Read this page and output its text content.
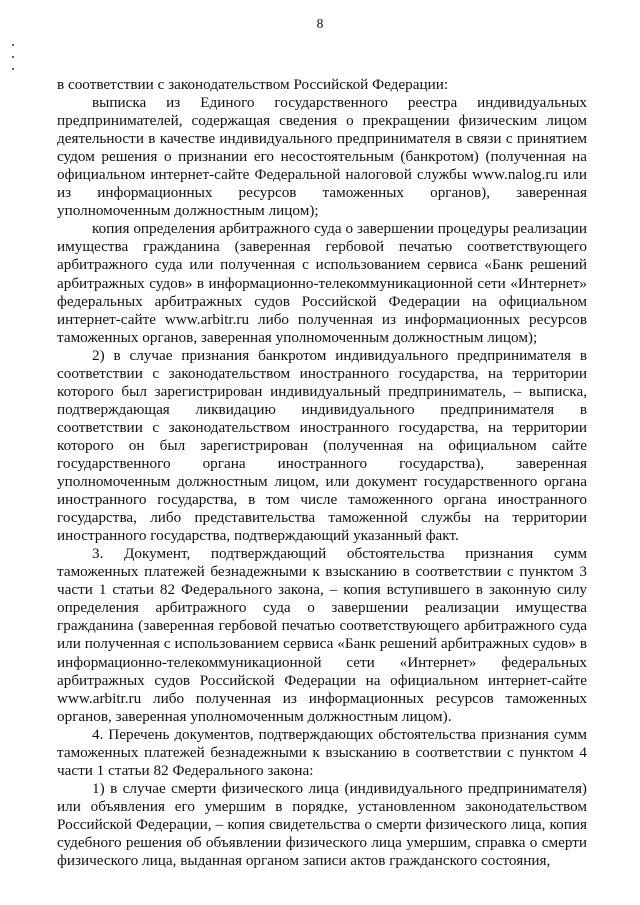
8

в соответствии с законодательством Российской Федерации:

выписка из Единого государственного реестра индивидуальных предпринимателей, содержащая сведения о прекращении физическим лицом деятельности в качестве индивидуального предпринимателя в связи с принятием судом решения о признании его несостоятельным (банкротом) (полученная на официальном интернет-сайте Федеральной налоговой службы www.nalog.ru или из информационных ресурсов таможенных органов), заверенная уполномоченным должностным лицом);

копия определения арбитражного суда о завершении процедуры реализации имущества гражданина (заверенная гербовой печатью соответствующего арбитражного суда или полученная с использованием сервиса «Банк решений арбитражных судов» в информационно-телекоммуникационной сети «Интернет» федеральных арбитражных судов Российской Федерации на официальном интернет-сайте www.arbitr.ru либо полученная из информационных ресурсов таможенных органов, заверенная уполномоченным должностным лицом);

2) в случае признания банкротом индивидуального предпринимателя в соответствии с законодательством иностранного государства, на территории которого был зарегистрирован индивидуальный предприниматель, – выписка, подтверждающая ликвидацию индивидуального предпринимателя в соответствии с законодательством иностранного государства, на территории которого он был зарегистрирован (полученная на официальном сайте государственного органа иностранного государства), заверенная уполномоченным должностным лицом, или документ государственного органа иностранного государства, в том числе таможенного органа иностранного государства, либо представительства таможенной службы на территории иностранного государства, подтверждающий указанный факт.

3. Документ, подтверждающий обстоятельства признания сумм таможенных платежей безнадежными к взысканию в соответствии с пунктом 3 части 1 статьи 82 Федерального закона, – копия вступившего в законную силу определения арбитражного суда о завершении реализации имущества гражданина (заверенная гербовой печатью соответствующего арбитражного суда или полученная с использованием сервиса «Банк решений арбитражных судов» в информационно-телекоммуникационной сети «Интернет» федеральных арбитражных судов Российской Федерации на официальном интернет-сайте www.arbitr.ru либо полученная из информационных ресурсов таможенных органов, заверенная уполномоченным должностным лицом).

4. Перечень документов, подтверждающих обстоятельства признания сумм таможенных платежей безнадежными к взысканию в соответствии с пунктом 4 части 1 статьи 82 Федерального закона:

1) в случае смерти физического лица (индивидуального предпринимателя) или объявления его умершим в порядке, установленном законодательством Российской Федерации, – копия свидетельства о смерти физического лица, копия судебного решения об объявлении физического лица умершим, справка о смерти физического лица, выданная органом записи актов гражданского состояния,
